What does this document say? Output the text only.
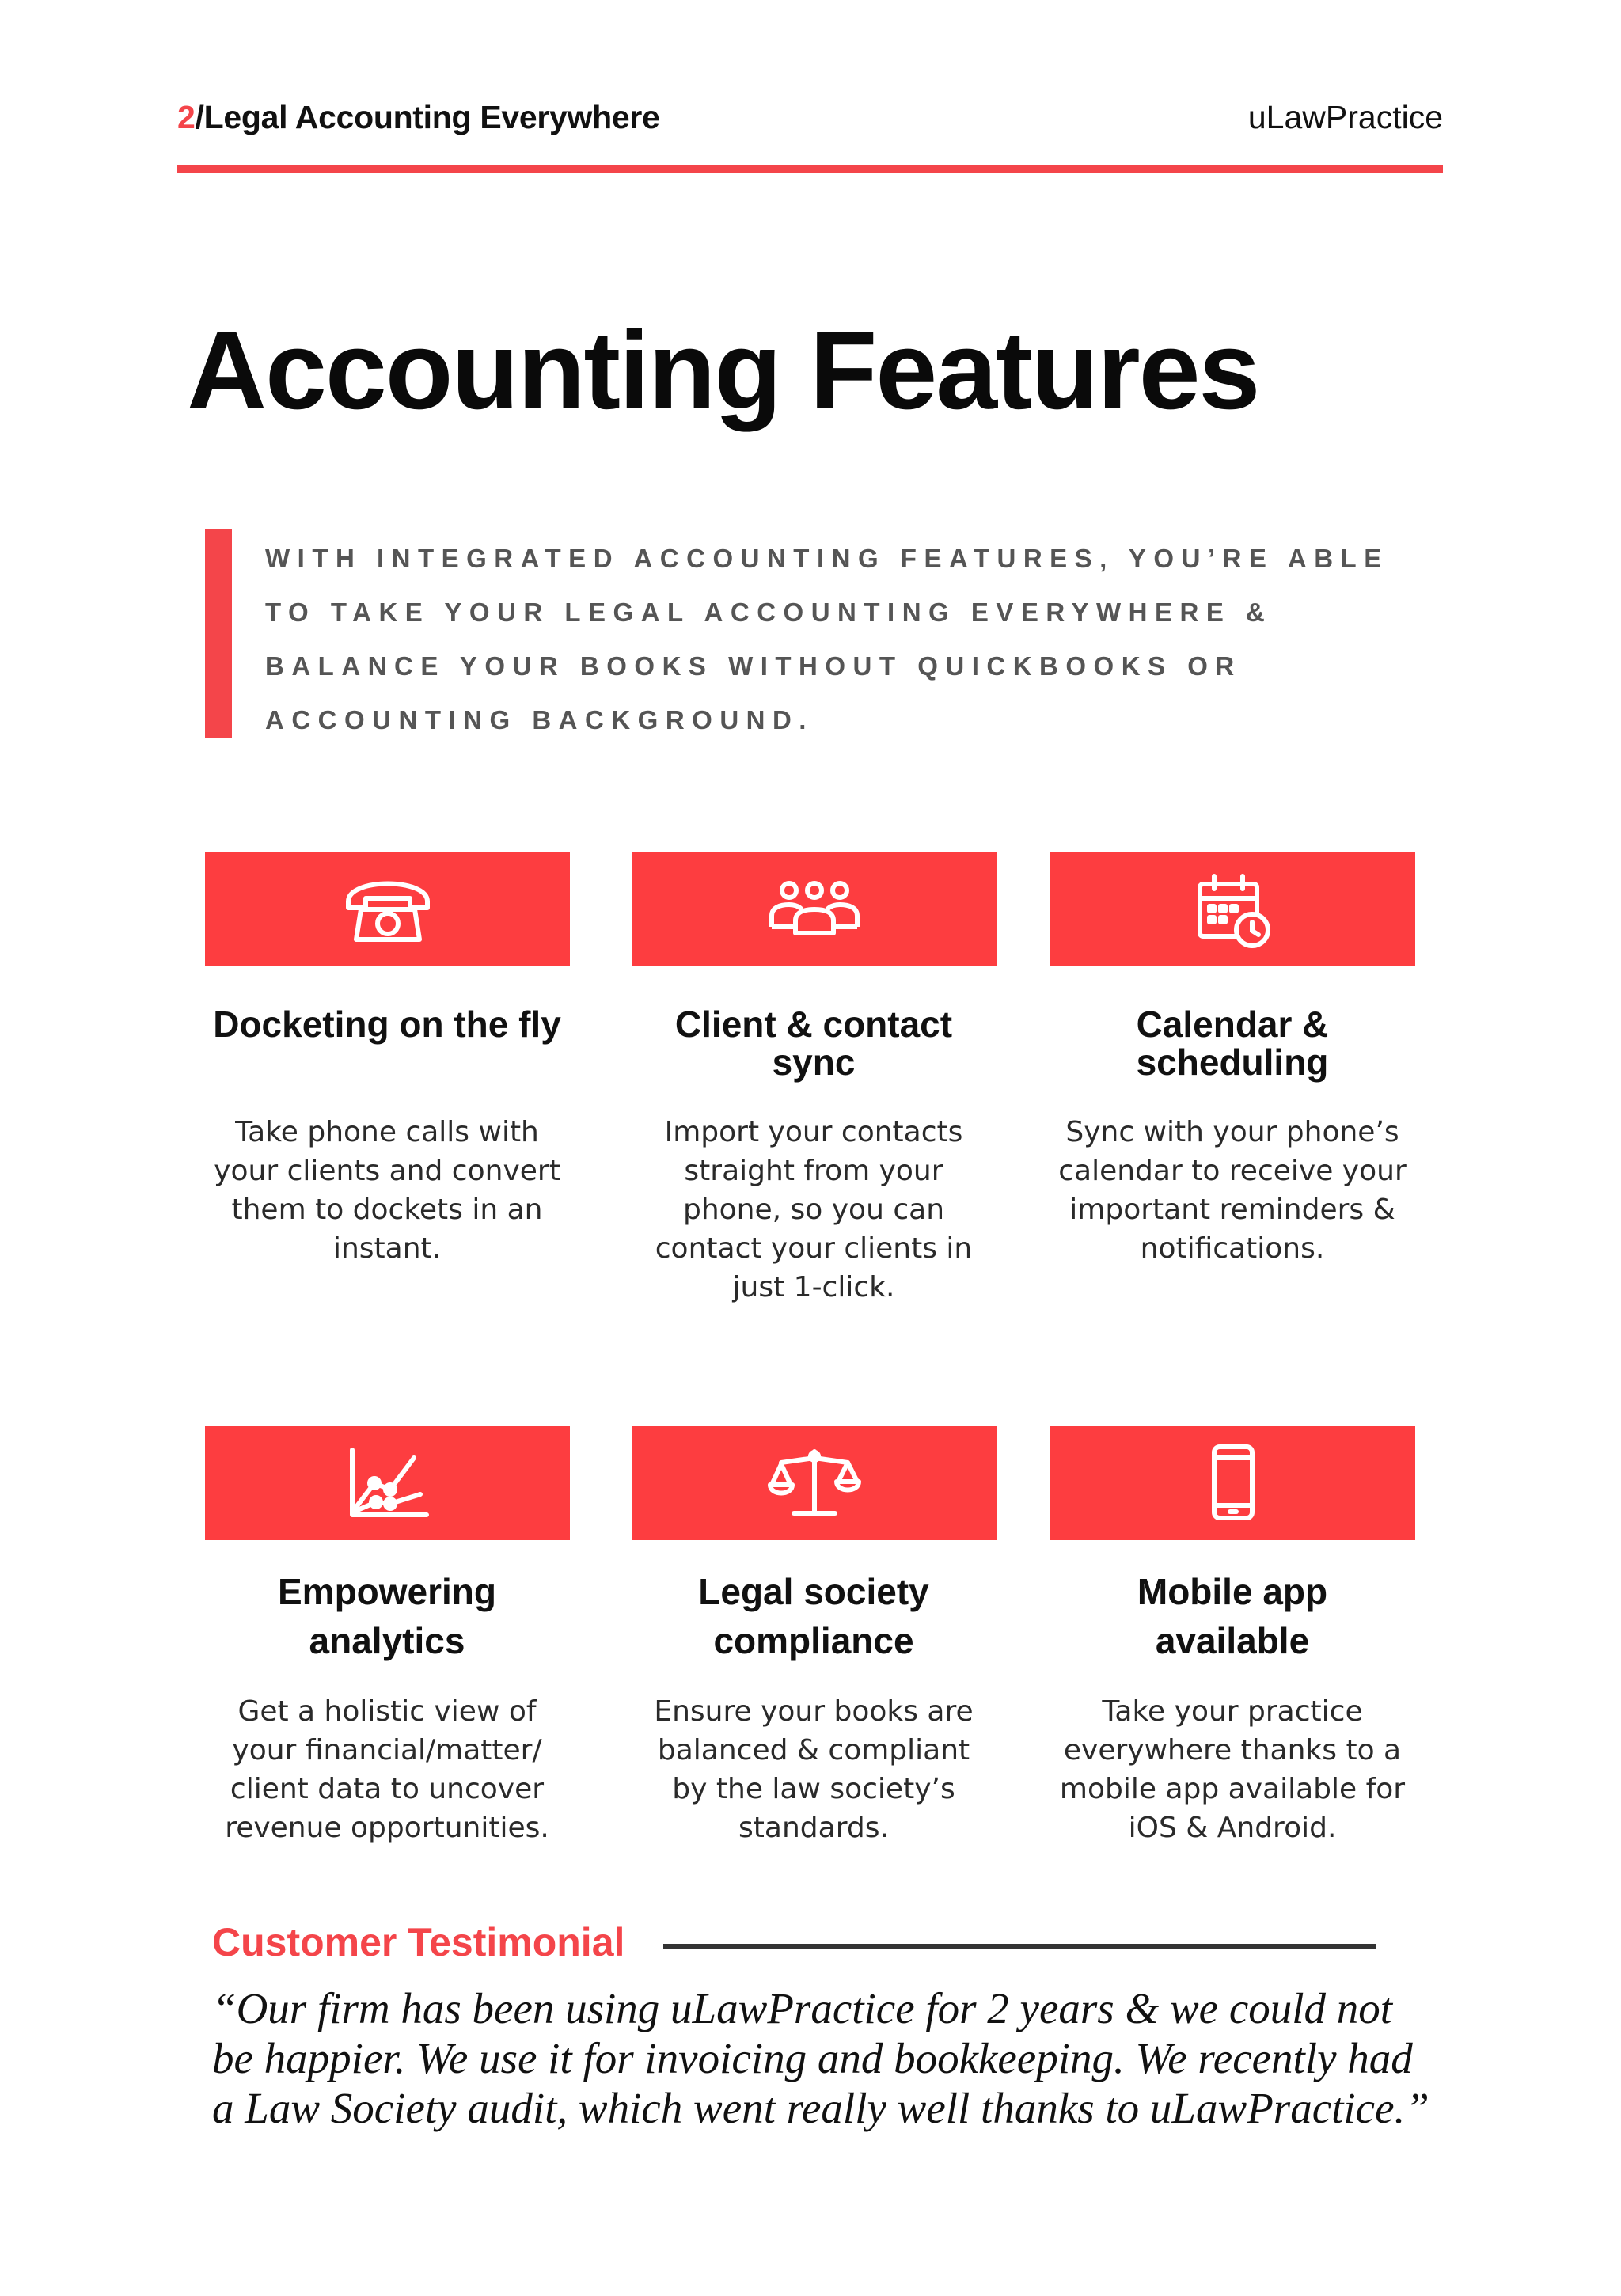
2/Legal Accounting Everywhere	uLawPractice
Accounting Features

WITH INTEGRATED ACCOUNTING FEATURES, YOU’RE ABLE TO TAKE YOUR LEGAL ACCOUNTING EVERYWHERE & BALANCE YOUR BOOKS WITHOUT QUICKBOOKS OR ACCOUNTING BACKGROUND.

Docketing on the fly
Take phone calls with your clients and convert them to dockets in an instant.
Client & contact sync
Import your contacts straight from your phone, so you can contact your clients in just 1-click.
Calendar & scheduling
Sync with your phone’s calendar to receive your important reminders & notifications.
Empowering analytics
Get a holistic view of your financial/matter/ client data to uncover revenue opportunities.
Legal society compliance
Ensure your books are balanced & compliant by the law society’s standards.
Mobile app available
Take your practice everywhere thanks to a mobile app available for iOS & Android.
Customer Testimonial
“Our firm has been using uLawPractice for 2 years & we could not be happier. We use it for invoicing and bookkeeping. We recently had a Law Society audit, which went really well thanks to uLawPractice.”
